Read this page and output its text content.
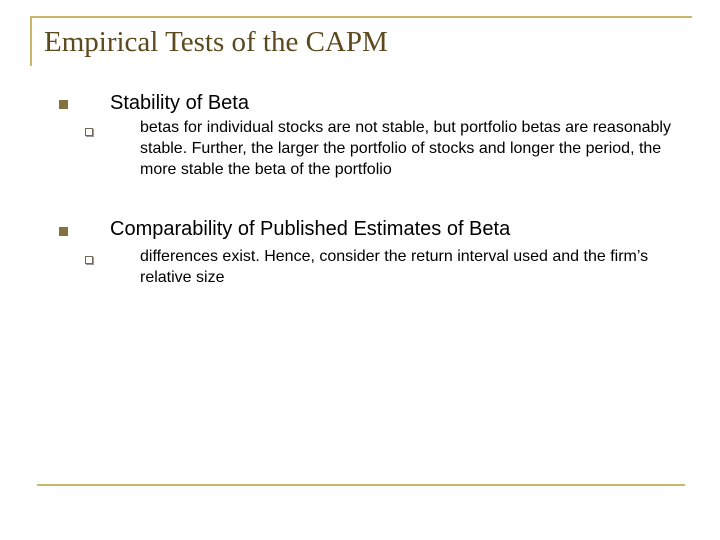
Empirical Tests of the CAPM
Stability of Beta
betas for individual stocks are not stable, but portfolio betas are reasonably stable. Further, the larger the portfolio of stocks and longer the period, the more stable the beta of the portfolio
Comparability of Published Estimates of Beta
differences exist. Hence, consider the return interval used and the firm’s relative size
